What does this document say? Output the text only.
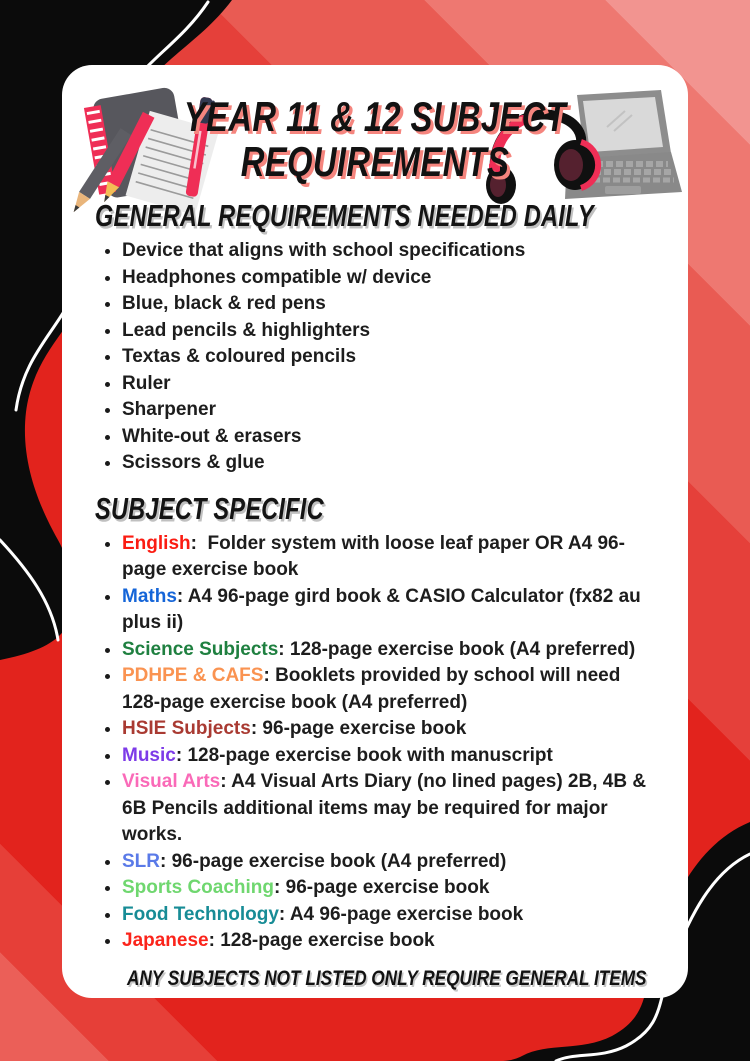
YEAR 11 & 12 SUBJECT
REQUIREMENTS
GENERAL REQUIREMENTS NEEDED DAILY
Device that aligns with school specifications
Headphones compatible w/ device
Blue, black & red pens
Lead pencils & highlighters
Textas & coloured pencils
Ruler
Sharpener
White-out & erasers
Scissors & glue
SUBJECT SPECIFIC
English:  Folder system with loose leaf paper OR A4 96-page exercise book
Maths: A4 96-page gird book & CASIO Calculator (fx82 au plus ii)
Science Subjects: 128-page exercise book (A4 preferred)
PDHPE & CAFS: Booklets provided by school will need 128-page exercise book (A4 preferred)
HSIE Subjects: 96-page exercise book
Music: 128-page exercise book with manuscript
Visual Arts: A4 Visual Arts Diary (no lined pages) 2B, 4B & 6B Pencils additional items may be required for major works.
SLR: 96-page exercise book (A4 preferred)
Sports Coaching: 96-page exercise book
Food Technology: A4 96-page exercise book
Japanese: 128-page exercise book
ANY SUBJECTS NOT LISTED ONLY REQUIRE GENERAL ITEMS
